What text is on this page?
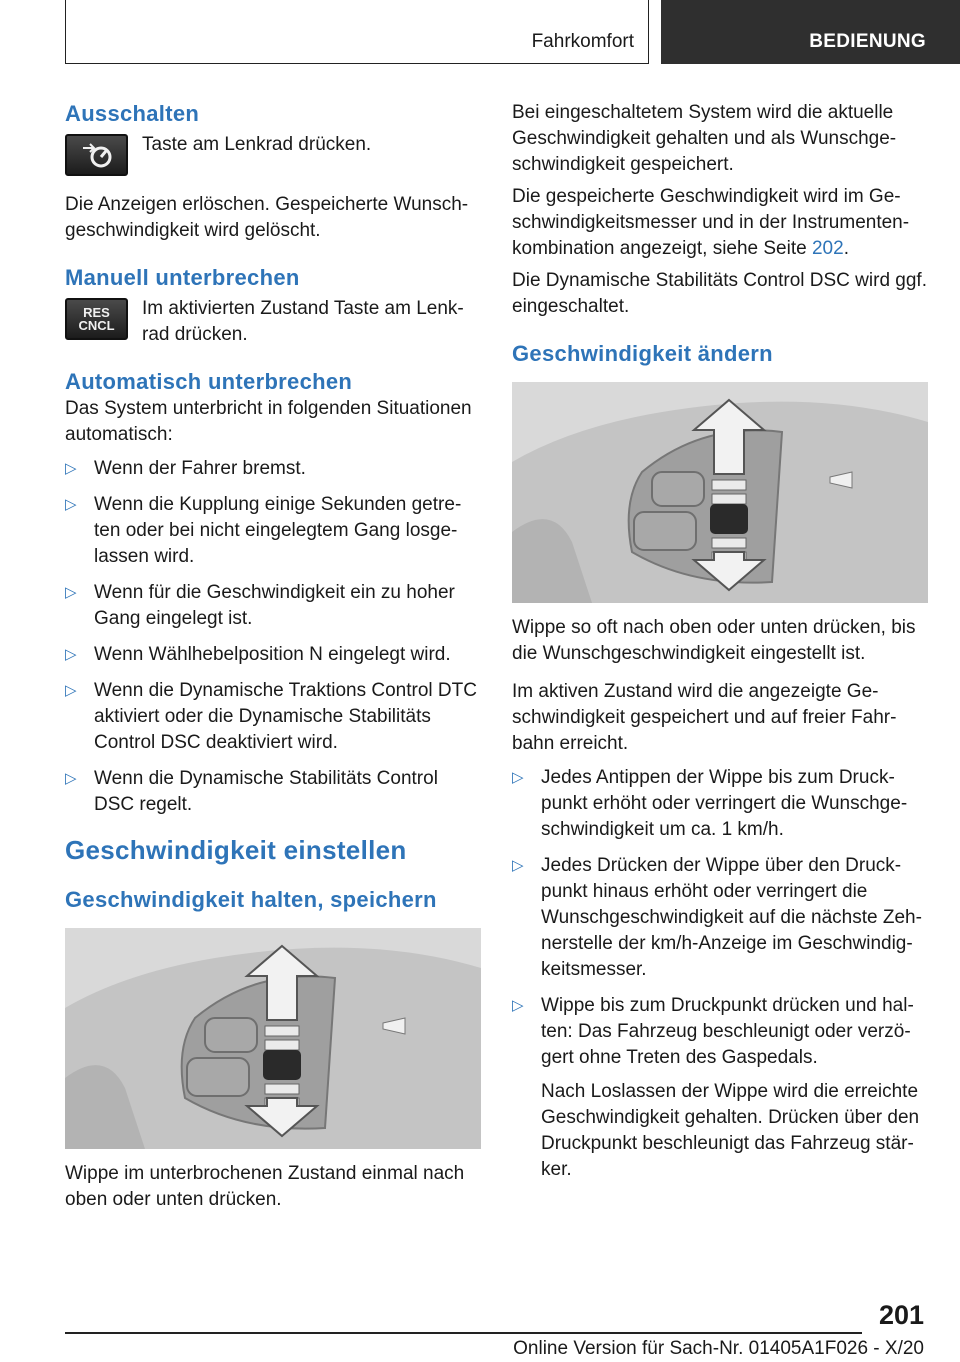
Fahrkomfort	BEDIENUNG
Ausschalten

Taste am Lenkrad drücken.

Die Anzeigen erlöschen. Gespeicherte Wunschgeschwindigkeit wird gelöscht.

Manuell unterbrechen
RES
CNCL

Im aktivierten Zustand Taste am Lenkrad drücken.

Automatisch unterbrechen

Das System unterbricht in folgenden Situationen automatisch:

▷ Wenn der Fahrer bremst.
▷ Wenn die Kupplung einige Sekunden getreten oder bei nicht eingelegtem Gang losgelassen wird.
▷ Wenn für die Geschwindigkeit ein zu hoher Gang eingelegt ist.
▷ Wenn Wählhebelposition N eingelegt wird.
▷ Wenn die Dynamische Traktions Control DTC aktiviert oder die Dynamische Stabilitäts Control DSC deaktiviert wird.
▷ Wenn die Dynamische Stabilitäts Control DSC regelt.
Geschwindigkeit einstellen
Geschwindigkeit halten, speichern

Wippe im unterbrochenen Zustand einmal nach oben oder unten drücken.

Bei eingeschaltetem System wird die aktuelle Geschwindigkeit gehalten und als Wunschgeschwindigkeit gespeichert.

Die gespeicherte Geschwindigkeit wird im Geschwindigkeitsmesser und in der Instrumentenkombination angezeigt, siehe Seite 202.

Die Dynamische Stabilitäts Control DSC wird ggf. eingeschaltet.

Geschwindigkeit ändern

Wippe so oft nach oben oder unten drücken, bis die Wunschgeschwindigkeit eingestellt ist.

Im aktiven Zustand wird die angezeigte Geschwindigkeit gespeichert und auf freier Fahrbahn erreicht.

▷ Jedes Antippen der Wippe bis zum Druckpunkt erhöht oder verringert die Wunschgeschwindigkeit um ca. 1 km/h.
▷ Jedes Drücken der Wippe über den Druckpunkt hinaus erhöht oder verringert die Wunschgeschwindigkeit auf die nächste Zehnerstelle der km/h-Anzeige im Geschwindigkeitsmesser.
▷ Wippe bis zum Druckpunkt drücken und halten: Das Fahrzeug beschleunigt oder verzögert ohne Treten des Gaspedals.
Nach Loslassen der Wippe wird die erreichte Geschwindigkeit gehalten. Drücken über den Druckpunkt beschleunigt das Fahrzeug stärker.
201
Online Version für Sach-Nr. 01405A1F026 - X/20
